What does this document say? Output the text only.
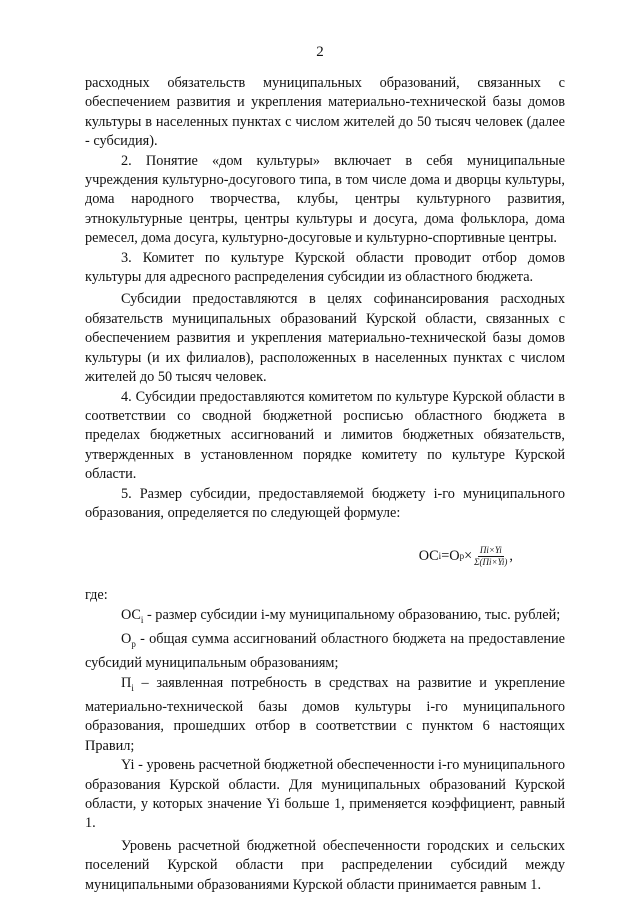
2

расходных обязательств муниципальных образований, связанных с обеспечением развития и укрепления материально-технической базы домов культуры в населенных пунктах с числом жителей до 50 тысяч человек (далее - субсидия).

2. Понятие «дом культуры» включает в себя муниципальные учреждения культурно-досугового типа, в том числе дома и дворцы культуры, дома народного творчества, клубы, центры культурного развития, этнокультурные центры, центры культуры и досуга, дома фольклора, дома ремесел, дома досуга, культурно-досуговые и культурно-спортивные центры.

3. Комитет по культуре Курской области проводит отбор домов культуры для адресного распределения субсидии из областного бюджета.

Субсидии предоставляются в целях софинансирования расходных обязательств муниципальных образований Курской области, связанных с обеспечением развития и укрепления материально-технической базы домов культуры (и их филиалов), расположенных в населенных пунктах с числом жителей до 50 тысяч человек.

4. Субсидии предоставляются комитетом по культуре Курской области в соответствии со сводной бюджетной росписью областного бюджета в пределах бюджетных ассигнований и лимитов бюджетных обязательств, утвержденных в установленном порядке комитету по культуре Курской области.

5. Размер субсидии, предоставляемой бюджету i-го муниципального образования, определяется по следующей формуле:

OC i =O $p \times \frac{\Pi i\times Yi}{\Sigma(\Pi i\times Yi)}$ ,

где:

$OC_i$ - размер субсидии i-му муниципальному образованию, тыс. рублей;

$O_p$ - общая сумма ассигнований областного бюджета на предоставление субсидий муниципальным образованиям;

$\Pi_i$ – заявленная потребность в средствах на развитие и укрепление материально-технической базы домов культуры i-го муниципального образования, прошедших отбор в соответствии с пунктом 6 настоящих Правил;

Yi - уровень расчетной бюджетной обеспеченности i-го муниципального образования Курской области. Для муниципальных образований Курской области, у которых значение Yi больше 1, применяется коэффициент, равный 1.

Уровень расчетной бюджетной обеспеченности городских и сельских поселений Курской области при распределении субсидий между муниципальными образованиями Курской области принимается равным 1.
